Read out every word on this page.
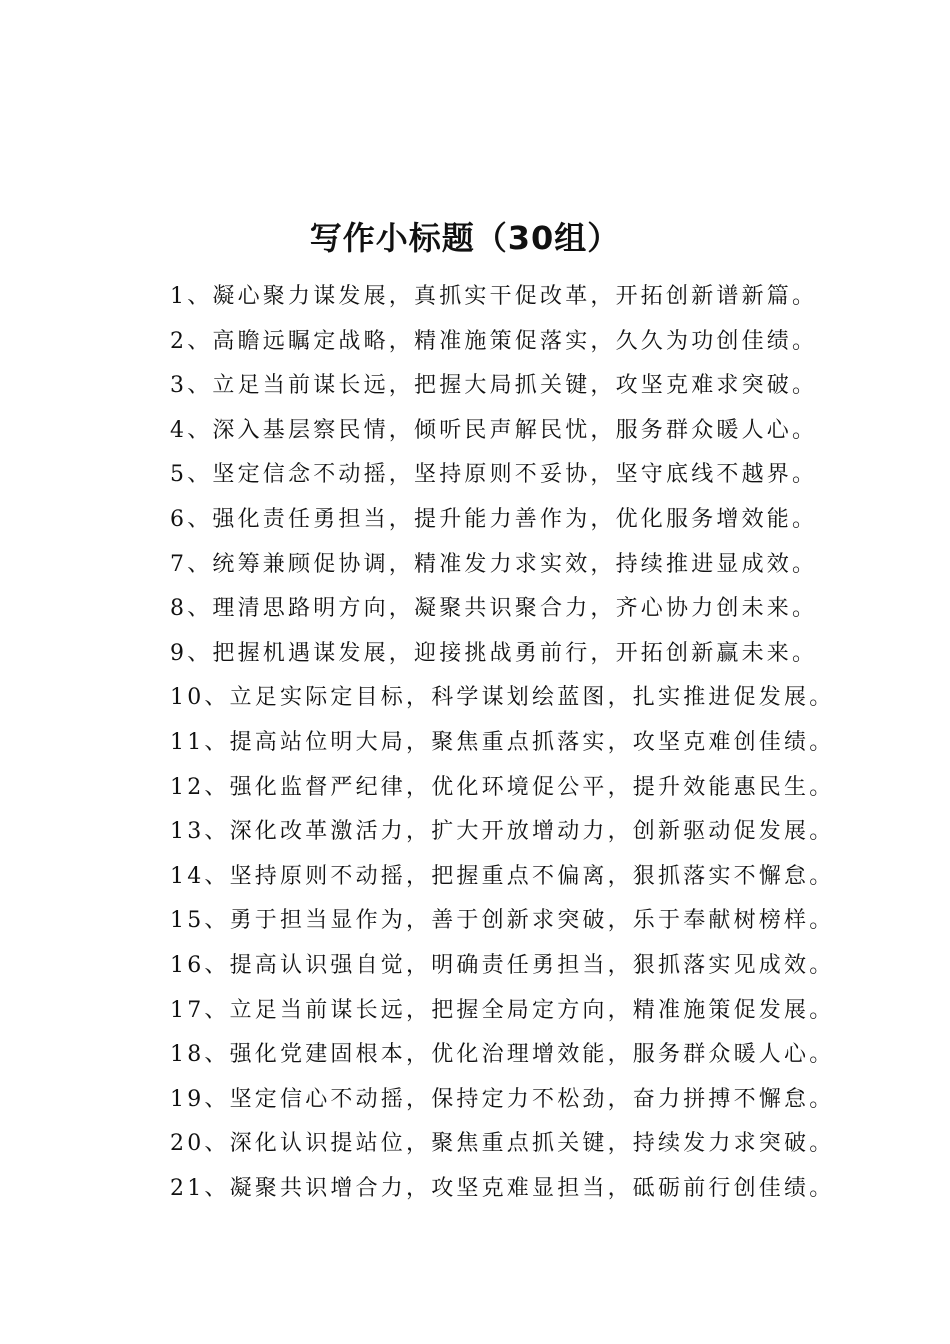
写作小标题（30组）
1、凝心聚力谋发展，真抓实干促改革，开拓创新谱新篇。
2、高瞻远瞩定战略，精准施策促落实，久久为功创佳绩。
3、立足当前谋长远，把握大局抓关键，攻坚克难求突破。
4、深入基层察民情，倾听民声解民忧，服务群众暖人心。
5、坚定信念不动摇，坚持原则不妥协，坚守底线不越界。
6、强化责任勇担当，提升能力善作为，优化服务增效能。
7、统筹兼顾促协调，精准发力求实效，持续推进显成效。
8、理清思路明方向，凝聚共识聚合力，齐心协力创未来。
9、把握机遇谋发展，迎接挑战勇前行，开拓创新赢未来。
10、立足实际定目标，科学谋划绘蓝图，扎实推进促发展。
11、提高站位明大局，聚焦重点抓落实，攻坚克难创佳绩。
12、强化监督严纪律，优化环境促公平，提升效能惠民生。
13、深化改革激活力，扩大开放增动力，创新驱动促发展。
14、坚持原则不动摇，把握重点不偏离，狠抓落实不懈怠。
15、勇于担当显作为，善于创新求突破，乐于奉献树榜样。
16、提高认识强自觉，明确责任勇担当，狠抓落实见成效。
17、立足当前谋长远，把握全局定方向，精准施策促发展。
18、强化党建固根本，优化治理增效能，服务群众暖人心。
19、坚定信心不动摇，保持定力不松劲，奋力拼搏不懈怠。
20、深化认识提站位，聚焦重点抓关键，持续发力求突破。
21、凝聚共识增合力，攻坚克难显担当，砥砺前行创佳绩。
